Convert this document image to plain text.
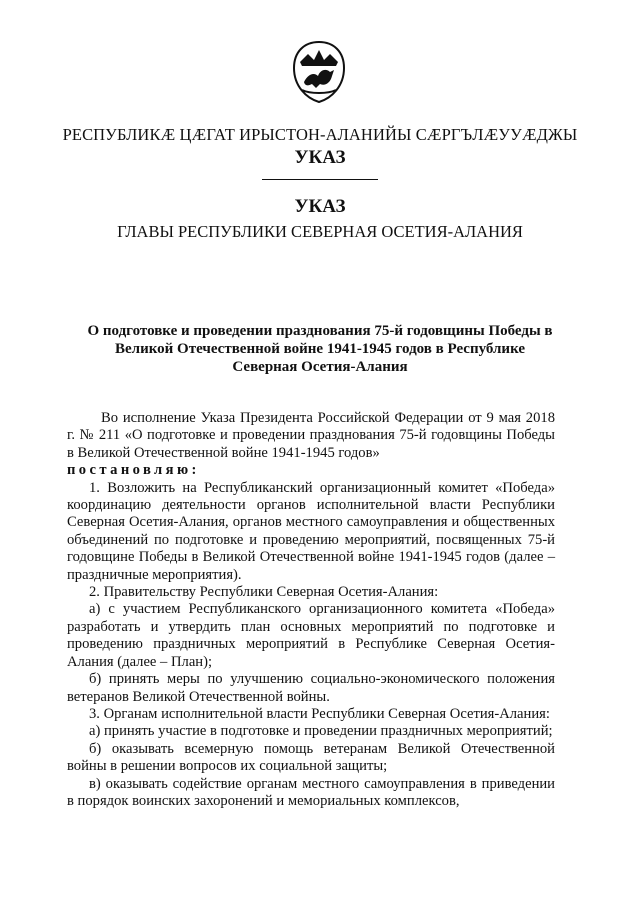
РЕСПУБЛИКӔ ЦӔГАТ ИРЫСТОН-АЛАНИЙЫ СӔРГЪЛӔУУӔДЖЫ
УКАЗ
УКАЗ
ГЛАВЫ РЕСПУБЛИКИ СЕВЕРНАЯ ОСЕТИЯ-АЛАНИЯ
О подготовке и проведении празднования 75-й годовщины Победы в
Великой Отечественной войне 1941-1945 годов в Республике
Северная Осетия-Алания

Во исполнение Указа Президента Российской Федерации от 9 мая 2018 г. № 211 «О подготовке и проведении празднования 75-й годовщины Победы в Великой Отечественной войне 1941-1945 годов»

постановляю:

1. Возложить на Республиканский организационный комитет «Победа» координацию деятельности органов исполнительной власти Республики Северная Осетия-Алания, органов местного самоуправления и общественных объединений по подготовке и проведению мероприятий, посвященных 75-й годовщине Победы в Великой Отечественной войне 1941-1945 годов (далее – праздничные мероприятия).

2. Правительству Республики Северная Осетия-Алания:

а) с участием Республиканского организационного комитета «Победа» разработать и утвердить план основных мероприятий по подготовке и проведению праздничных мероприятий в Республике Северная Осетия-Алания (далее – План);

б) принять меры по улучшению социально-экономического положения ветеранов Великой Отечественной войны.

3. Органам исполнительной власти Республики Северная Осетия-Алания:

а) принять участие в подготовке и проведении праздничных мероприятий;

б) оказывать всемерную помощь ветеранам Великой Отечественной войны в решении вопросов их социальной защиты;

в) оказывать содействие органам местного самоуправления в приведении в порядок воинских захоронений и мемориальных комплексов,
